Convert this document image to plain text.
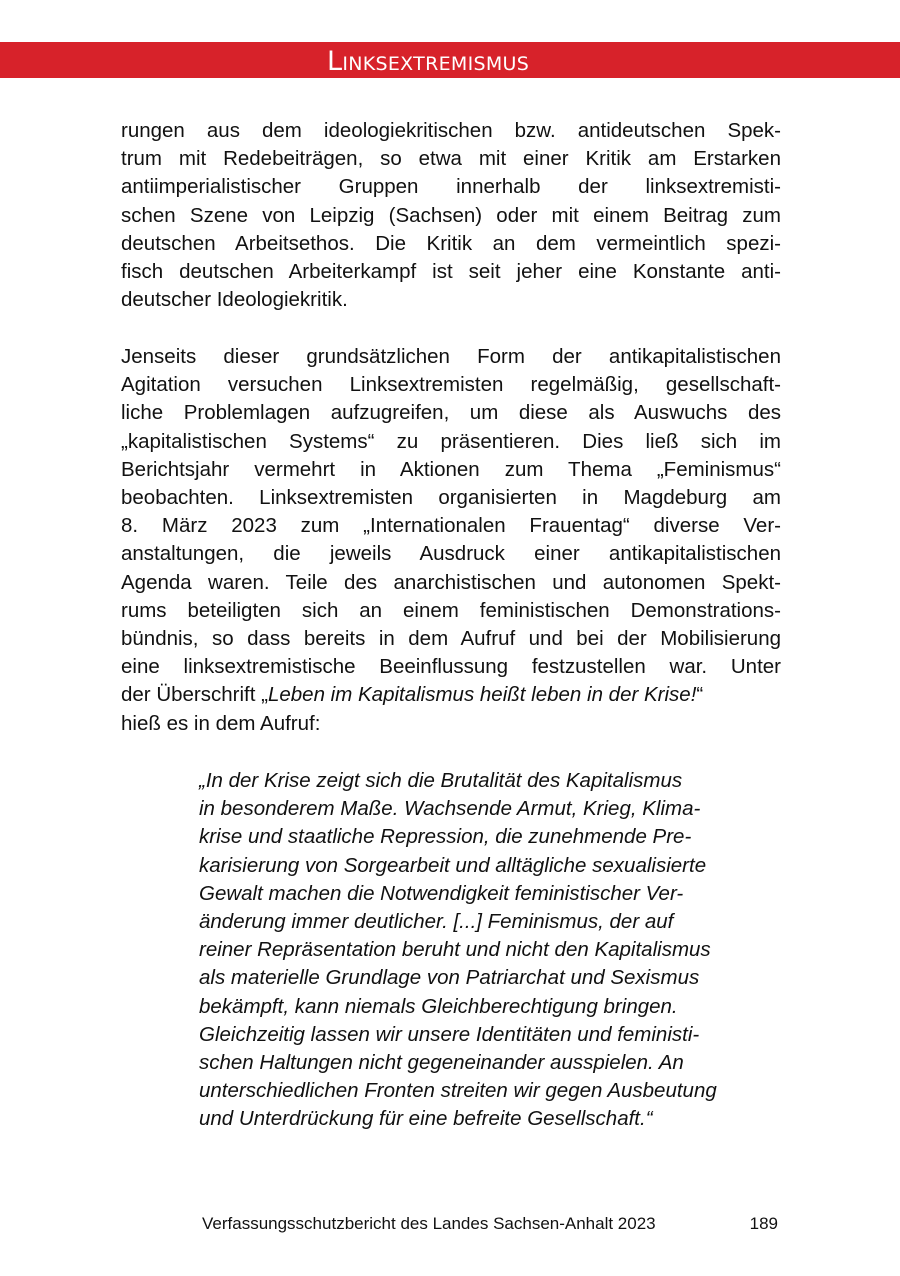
Linksextremismus
rungen aus dem ideologiekritischen bzw. antideutschen Spek-
trum mit Redebeiträgen, so etwa mit einer Kritik am Erstarken
antiimperialistischer Gruppen innerhalb der linksextremisti-
schen Szene von Leipzig (Sachsen) oder mit einem Beitrag zum
deutschen Arbeitsethos. Die Kritik an dem vermeintlich spezi-
fisch deutschen Arbeiterkampf ist seit jeher eine Konstante anti-
deutscher Ideologiekritik.
Jenseits dieser grundsätzlichen Form der antikapitalistischen
Agitation versuchen Linksextremisten regelmäßig, gesellschaft-
liche Problemlagen aufzugreifen, um diese als Auswuchs des
„kapitalistischen Systems“ zu präsentieren. Dies ließ sich im
Berichtsjahr vermehrt in Aktionen zum Thema „Feminismus“
beobachten. Linksextremisten organisierten in Magdeburg am
8. März 2023 zum „Internationalen Frauentag“ diverse Ver-
anstaltungen, die jeweils Ausdruck einer antikapitalistischen
Agenda waren. Teile des anarchistischen und autonomen Spekt-
rums beteiligten sich an einem feministischen Demonstrations-
bündnis, so dass bereits in dem Aufruf und bei der Mobilisierung
eine linksextremistische Beeinflussung festzustellen war. Unter
der Überschrift „Leben im Kapitalismus heißt leben in der Krise!“
hieß es in dem Aufruf:
„In der Krise zeigt sich die Brutalität des Kapitalismus
in besonderem Maße. Wachsende Armut, Krieg, Klima-
krise und staatliche Repression, die zunehmende Pre-
karisierung von Sorgearbeit und alltägliche sexualisierte
Gewalt machen die Notwendigkeit feministischer Ver-
änderung immer deutlicher. [...] Feminismus, der auf
reiner Repräsentation beruht und nicht den Kapitalismus
als materielle Grundlage von Patriarchat und Sexismus
bekämpft, kann niemals Gleichberechtigung bringen.
Gleichzeitig lassen wir unsere Identitäten und feministi-
schen Haltungen nicht gegeneinander ausspielen. An
unterschiedlichen Fronten streiten wir gegen Ausbeutung
und Unterdrückung für eine befreite Gesellschaft.“
Verfassungsschutzbericht des Landes Sachsen-Anhalt 2023	189
